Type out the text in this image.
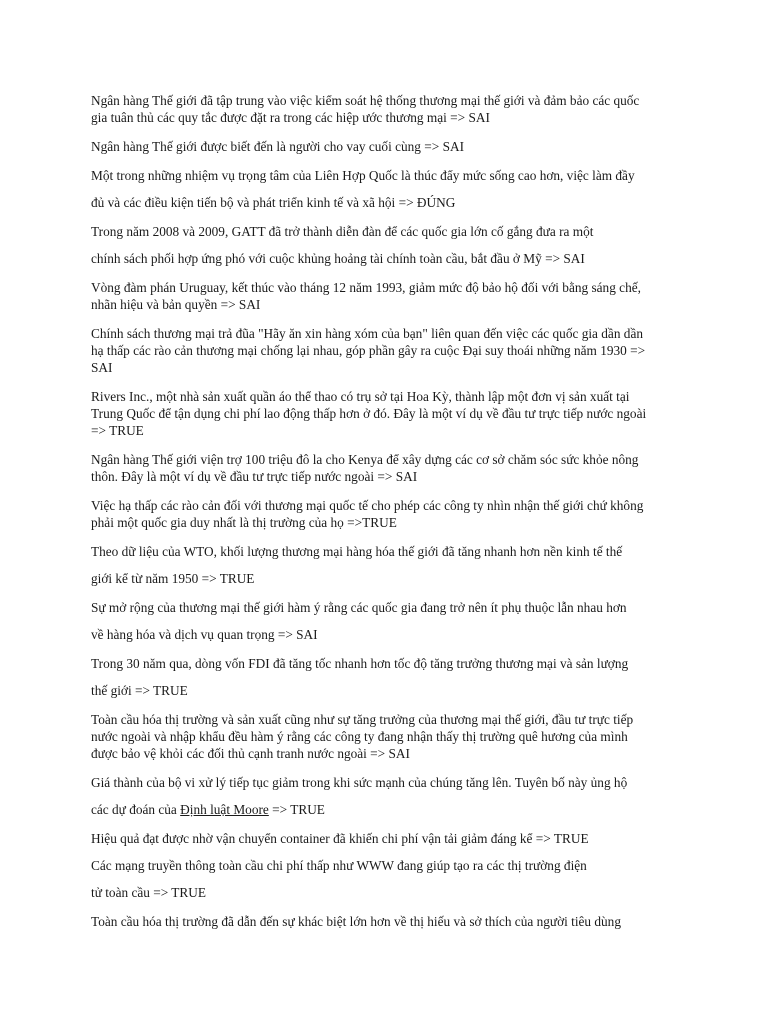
Ngân hàng Thế giới đã tập trung vào việc kiểm soát hệ thống thương mại thế giới và đảm bảo các quốc

gia tuân thủ các quy tắc được đặt ra trong các hiệp ước thương mại => SAI

Ngân hàng Thế giới được biết đến là người cho vay cuối cùng => SAI

Một trong những nhiệm vụ trọng tâm của Liên Hợp Quốc là thúc đẩy mức sống cao hơn, việc làm đầy

đủ và các điều kiện tiến bộ và phát triển kinh tế và xã hội => ĐÚNG

Trong năm 2008 và 2009, GATT đã trở thành diễn đàn để các quốc gia lớn cố gắng đưa ra một

chính sách phối hợp ứng phó với cuộc khủng hoảng tài chính toàn cầu, bắt đầu ở Mỹ => SAI

Vòng đàm phán Uruguay, kết thúc vào tháng 12 năm 1993, giảm mức độ bảo hộ đối với bằng sáng chế,

nhãn hiệu và bản quyền => SAI

Chính sách thương mại trả đũa "Hãy ăn xin hàng xóm của bạn" liên quan đến việc các quốc gia dần dần

hạ thấp các rào cản thương mại chống lại nhau, góp phần gây ra cuộc Đại suy thoái những năm 1930 =>

SAI

Rivers Inc., một nhà sản xuất quần áo thể thao có trụ sở tại Hoa Kỳ, thành lập một đơn vị sản xuất tại

Trung Quốc để tận dụng chi phí lao động thấp hơn ở đó. Đây là một ví dụ về đầu tư trực tiếp nước ngoài

=> TRUE

Ngân hàng Thế giới viện trợ 100 triệu đô la cho Kenya để xây dựng các cơ sở chăm sóc sức khỏe nông

thôn. Đây là một ví dụ về đầu tư trực tiếp nước ngoài => SAI

Việc hạ thấp các rào cản đối với thương mại quốc tế cho phép các công ty nhìn nhận thế giới chứ không

phải một quốc gia duy nhất là thị trường của họ =>TRUE

Theo dữ liệu của WTO, khối lượng thương mại hàng hóa thế giới đã tăng nhanh hơn nền kinh tế thế

giới kể từ năm 1950 => TRUE

Sự mở rộng của thương mại thế giới hàm ý rằng các quốc gia đang trở nên ít phụ thuộc lẫn nhau hơn

về hàng hóa và dịch vụ quan trọng => SAI

Trong 30 năm qua, dòng vốn FDI đã tăng tốc nhanh hơn tốc độ tăng trưởng thương mại và sản lượng

thế giới => TRUE

Toàn cầu hóa thị trường và sản xuất cũng như sự tăng trưởng của thương mại thế giới, đầu tư trực tiếp

nước ngoài và nhập khẩu đều hàm ý rằng các công ty đang nhận thấy thị trường quê hương của mình

được bảo vệ khỏi các đối thủ cạnh tranh nước ngoài => SAI

Giá thành của bộ vi xử lý tiếp tục giảm trong khi sức mạnh của chúng tăng lên. Tuyên bố này ủng hộ

các dự đoán của Định luật Moore => TRUE

Hiệu quả đạt được nhờ vận chuyển container đã khiến chi phí vận tải giảm đáng kể => TRUE

Các mạng truyền thông toàn cầu chi phí thấp như WWW đang giúp tạo ra các thị trường điện

tử toàn cầu => TRUE

Toàn cầu hóa thị trường đã dẫn đến sự khác biệt lớn hơn về thị hiếu và sở thích của người tiêu dùng
